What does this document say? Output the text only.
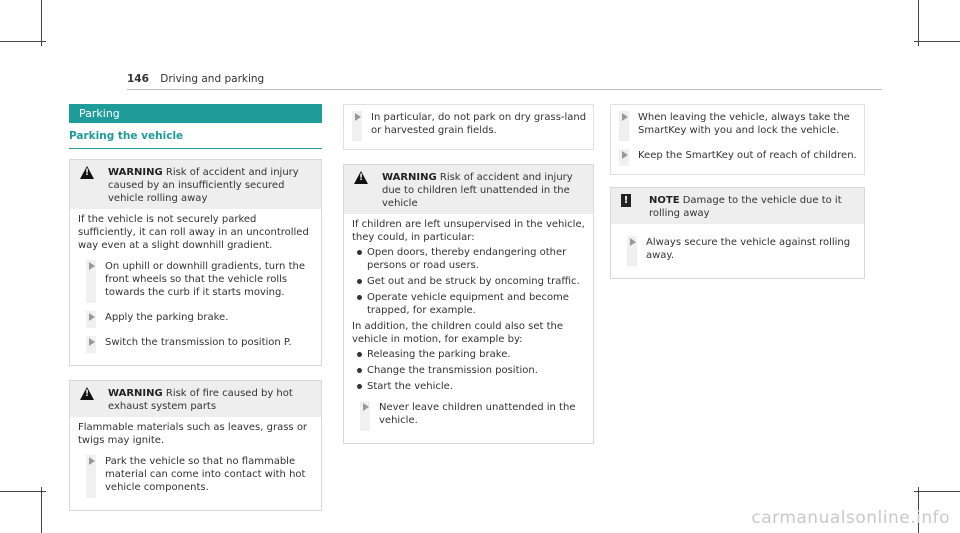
146 Driving and parking
Parking
Parking the vehicle
!
WARNING Risk of accident and injury caused by an insufficiently secured vehicle rolling away

If the vehicle is not securely parked sufficiently, it can roll away in an uncontrolled way even at a slight downhill gradient.

On uphill or downhill gradients, turn the front wheels so that the vehicle rolls towards the curb if it starts moving.
Apply the parking brake.
Switch the transmission to position P.
!
WARNING Risk of fire caused by hot exhaust system parts

Flammable materials such as leaves, grass or twigs may ignite.

Park the vehicle so that no flammable material can come into contact with hot vehicle components.
In particular, do not park on dry grass-land or harvested grain fields.
!
WARNING Risk of accident and injury due to children left unattended in the vehicle

If children are left unsupervised in the vehicle, they could, in particular:

Open doors, thereby endangering other persons or road users.
Get out and be struck by oncoming traffic.
Operate vehicle equipment and become trapped, for example.

In addition, the children could also set the vehicle in motion, for example by:

Releasing the parking brake.
Change the transmission position.
Start the vehicle.
Never leave children unattended in the vehicle.
When leaving the vehicle, always take the SmartKey with you and lock the vehicle.
Keep the SmartKey out of reach of children.
! NOTE Damage to the vehicle due to it rolling away
Always secure the vehicle against rolling away.
carmanualsonline.info
